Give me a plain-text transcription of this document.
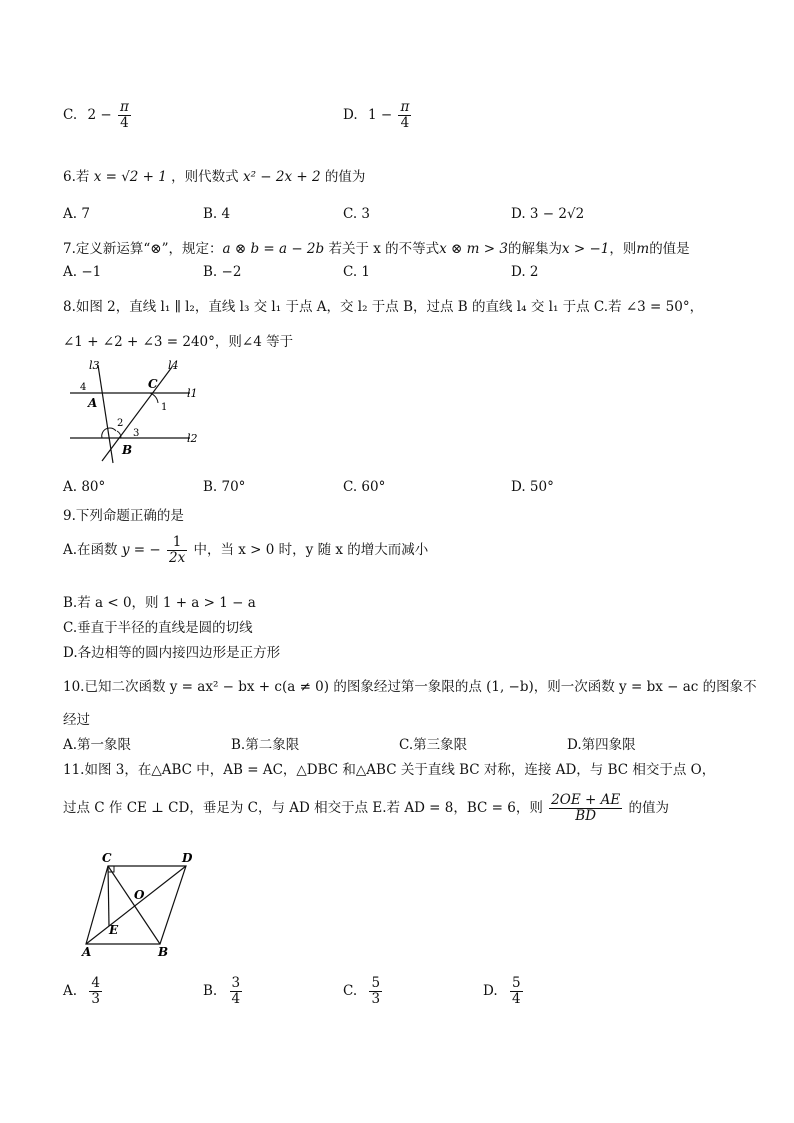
C. $2 - \frac{\pi}{4}$	D. $1 - \frac{\pi}{4}$
6.若 x = √2 + 1 ，则代数式 x² − 2x + 2 的值为
A. 7	B. 4	C. 3	D. 3 − 2√2
7.定义新运算“⊗”，规定：a ⊗ b = a − 2b 若关于 x 的不等式x ⊗ m > 3的解集为x > −1，则m的值是
A. −1	B. −2	C. 1	D. 2
8.如图 2，直线 l₁ ∥ l₂，直线 l₃ 交 l₁ 于点 A，交 l₂ 于点 B，过点 B 的直线 l₄ 交 l₁ 于点 C.若 ∠3 = 50°，
∠1 + ∠2 + ∠3 = 240°，则∠4 等于
l3	l4
l1
l2
A
B
C
1
2
3
4
A. 80°	B. 70°	C. 60°	D. 50°
9.下列命题正确的是
A.在函数 y = − $\frac{1}{2x}$ 中，当 x > 0 时，y 随 x 的增大而减小
B.若 a < 0，则 1 + a > 1 − a
C.垂直于半径的直线是圆的切线
D.各边相等的圆内接四边形是正方形
10.已知二次函数 y = ax² − bx + c(a ≠ 0) 的图象经过第一象限的点 (1, −b)，则一次函数 y = bx − ac 的图象不
经过
A.第一象限	B.第二象限	C.第三象限	D.第四象限
11.如图 3，在△ABC 中，AB = AC，△DBC 和△ABC 关于直线 BC 对称，连接 AD，与 BC 相交于点 O，
过点 C 作 CE ⊥ CD，垂足为 C，与 AD 相交于点 E.若 AD = 8，BC = 6，则 $\frac{2OE + AE}{BD}$ 的值为
C	D
O
E
A	B
A. $\frac{4}{3}$	B. $\frac{3}{4}$	C. $\frac{5}{3}$	D. $\frac{5}{4}$
